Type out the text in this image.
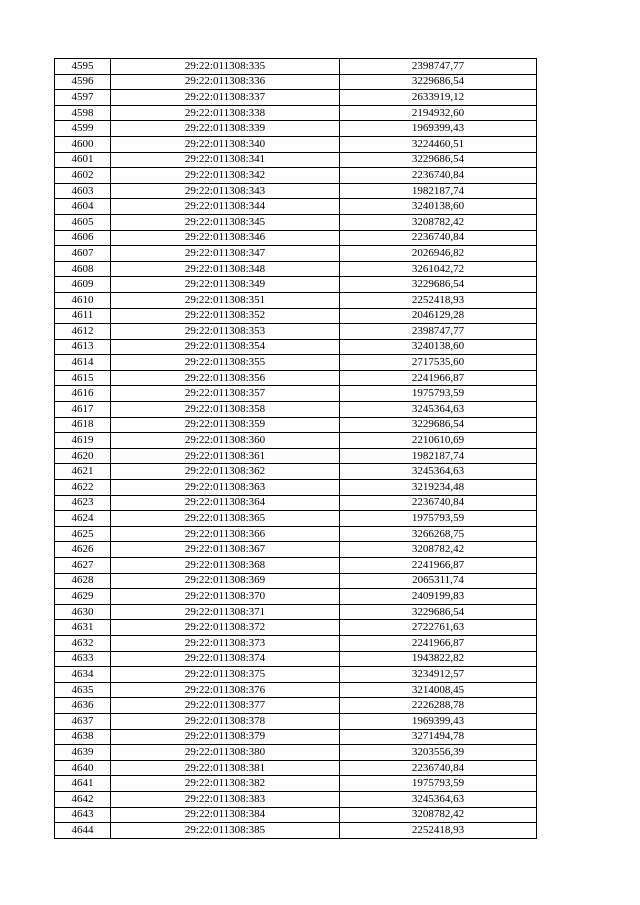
4595	29:22:011308:335	2398747,77
4596	29:22:011308:336	3229686,54
4597	29:22:011308:337	2633919,12
4598	29:22:011308:338	2194932,60
4599	29:22:011308:339	1969399,43
4600	29:22:011308:340	3224460,51
4601	29:22:011308:341	3229686,54
4602	29:22:011308:342	2236740,84
4603	29:22:011308:343	1982187,74
4604	29:22:011308:344	3240138,60
4605	29:22:011308:345	3208782,42
4606	29:22:011308:346	2236740,84
4607	29:22:011308:347	2026946,82
4608	29:22:011308:348	3261042,72
4609	29:22:011308:349	3229686,54
4610	29:22:011308:351	2252418,93
4611	29:22:011308:352	2046129,28
4612	29:22:011308:353	2398747,77
4613	29:22:011308:354	3240138,60
4614	29:22:011308:355	2717535,60
4615	29:22:011308:356	2241966,87
4616	29:22:011308:357	1975793,59
4617	29:22:011308:358	3245364,63
4618	29:22:011308:359	3229686,54
4619	29:22:011308:360	2210610,69
4620	29:22:011308:361	1982187,74
4621	29:22:011308:362	3245364,63
4622	29:22:011308:363	3219234,48
4623	29:22:011308:364	2236740,84
4624	29:22:011308:365	1975793,59
4625	29:22:011308:366	3266268,75
4626	29:22:011308:367	3208782,42
4627	29:22:011308:368	2241966,87
4628	29:22:011308:369	2065311,74
4629	29:22:011308:370	2409199,83
4630	29:22:011308:371	3229686,54
4631	29:22:011308:372	2722761,63
4632	29:22:011308:373	2241966,87
4633	29:22:011308:374	1943822,82
4634	29:22:011308:375	3234912,57
4635	29:22:011308:376	3214008,45
4636	29:22:011308:377	2226288,78
4637	29:22:011308:378	1969399,43
4638	29:22:011308:379	3271494,78
4639	29:22:011308:380	3203556,39
4640	29:22:011308:381	2236740,84
4641	29:22:011308:382	1975793,59
4642	29:22:011308:383	3245364,63
4643	29:22:011308:384	3208782,42
4644	29:22:011308:385	2252418,93
